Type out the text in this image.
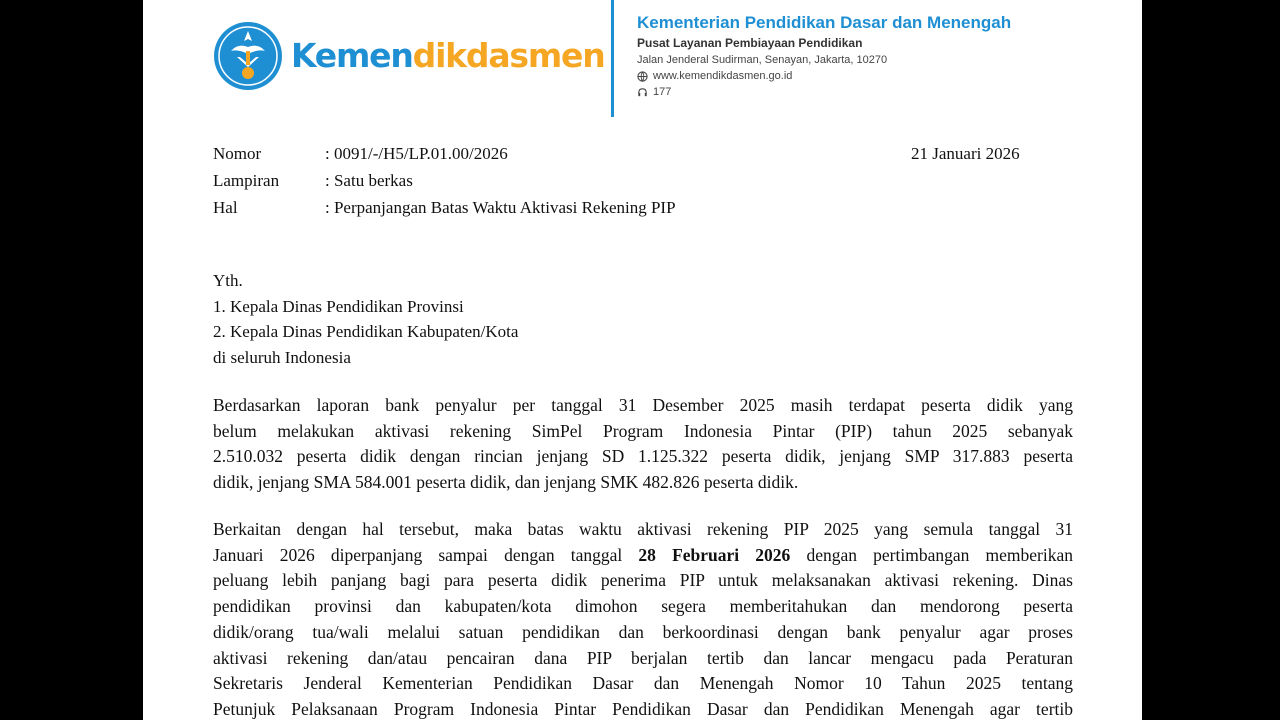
Kemendikdasmen
Kementerian Pendidikan Dasar dan Menengah
Pusat Layanan Pembiayaan Pendidikan
Jalan Jenderal Sudirman, Senayan, Jakarta, 10270
www.kemendikdasmen.go.id
177
Nomor	: 0091/-/H5/LP.01.00/2026
Lampiran	: Satu berkas
Hal	: Perpanjangan Batas Waktu Aktivasi Rekening PIP
21 Januari 2026
Yth.
1. Kepala Dinas Pendidikan Provinsi
2. Kepala Dinas Pendidikan Kabupaten/Kota
di seluruh Indonesia
Berdasarkan laporan bank penyalur per tanggal 31 Desember 2025 masih terdapat peserta didik yang
belum melakukan aktivasi rekening SimPel Program Indonesia Pintar (PIP) tahun 2025 sebanyak
2.510.032 peserta didik dengan rincian jenjang SD 1.125.322 peserta didik, jenjang SMP 317.883 peserta
didik, jenjang SMA 584.001 peserta didik, dan jenjang SMK 482.826 peserta didik.
Berkaitan dengan hal tersebut, maka batas waktu aktivasi rekening PIP 2025 yang semula tanggal 31
Januari 2026 diperpanjang sampai dengan tanggal 28 Februari 2026 dengan pertimbangan memberikan
peluang lebih panjang bagi para peserta didik penerima PIP untuk melaksanakan aktivasi rekening. Dinas
pendidikan provinsi dan kabupaten/kota dimohon segera memberitahukan dan mendorong peserta
didik/orang tua/wali melalui satuan pendidikan dan berkoordinasi dengan bank penyalur agar proses
aktivasi rekening dan/atau pencairan dana PIP berjalan tertib dan lancar mengacu pada Peraturan
Sekretaris Jenderal Kementerian Pendidikan Dasar dan Menengah Nomor 10 Tahun 2025 tentang
Petunjuk Pelaksanaan Program Indonesia Pintar Pendidikan Dasar dan Pendidikan Menengah agar tertib
